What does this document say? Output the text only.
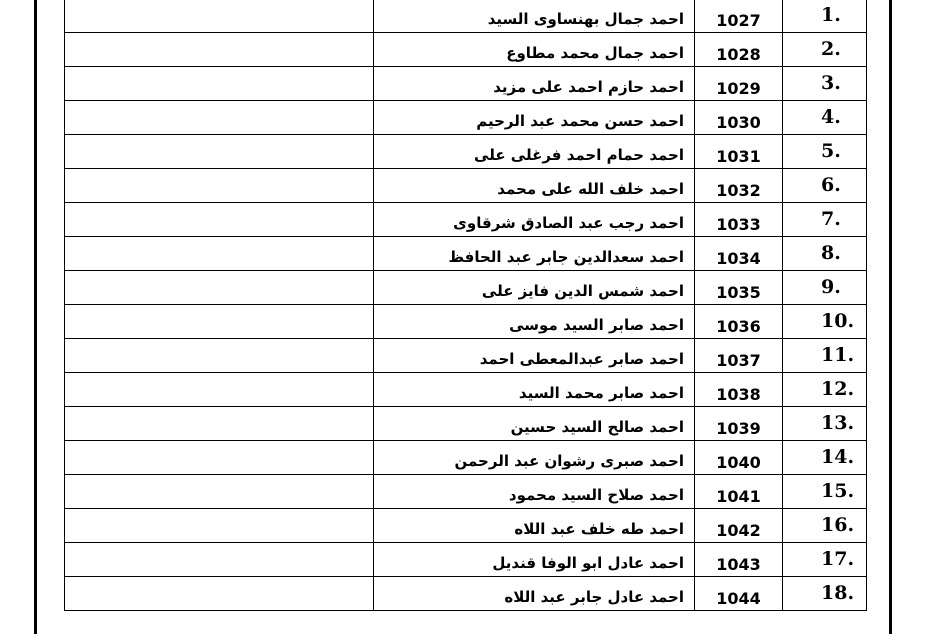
	احمد جمال بهنساوى السيد	1027	1.
	احمد جمال محمد مطاوع	1028	2.
	احمد حازم احمد على مزيد	1029	3.
	احمد حسن محمد عبد الرحيم	1030	4.
	احمد حمام احمد فرغلى على	1031	5.
	احمد خلف الله على محمد	1032	6.
	احمد رجب عبد الصادق شرقاوى	1033	7.
	احمد سعدالدين جابر عبد الحافظ	1034	8.
	احمد شمس الدين فايز على	1035	9.
	احمد صابر السيد موسى	1036	10.
	احمد صابر عبدالمعطى احمد	1037	11.
	احمد صابر محمد السيد	1038	12.
	احمد صالح السيد حسين	1039	13.
	احمد صبرى رشوان عبد الرحمن	1040	14.
	احمد صلاح السيد محمود	1041	15.
	احمد طه خلف عبد اللاه	1042	16.
	احمد عادل ابو الوفا قنديل	1043	17.
	احمد عادل جابر عبد اللاه	1044	18.
